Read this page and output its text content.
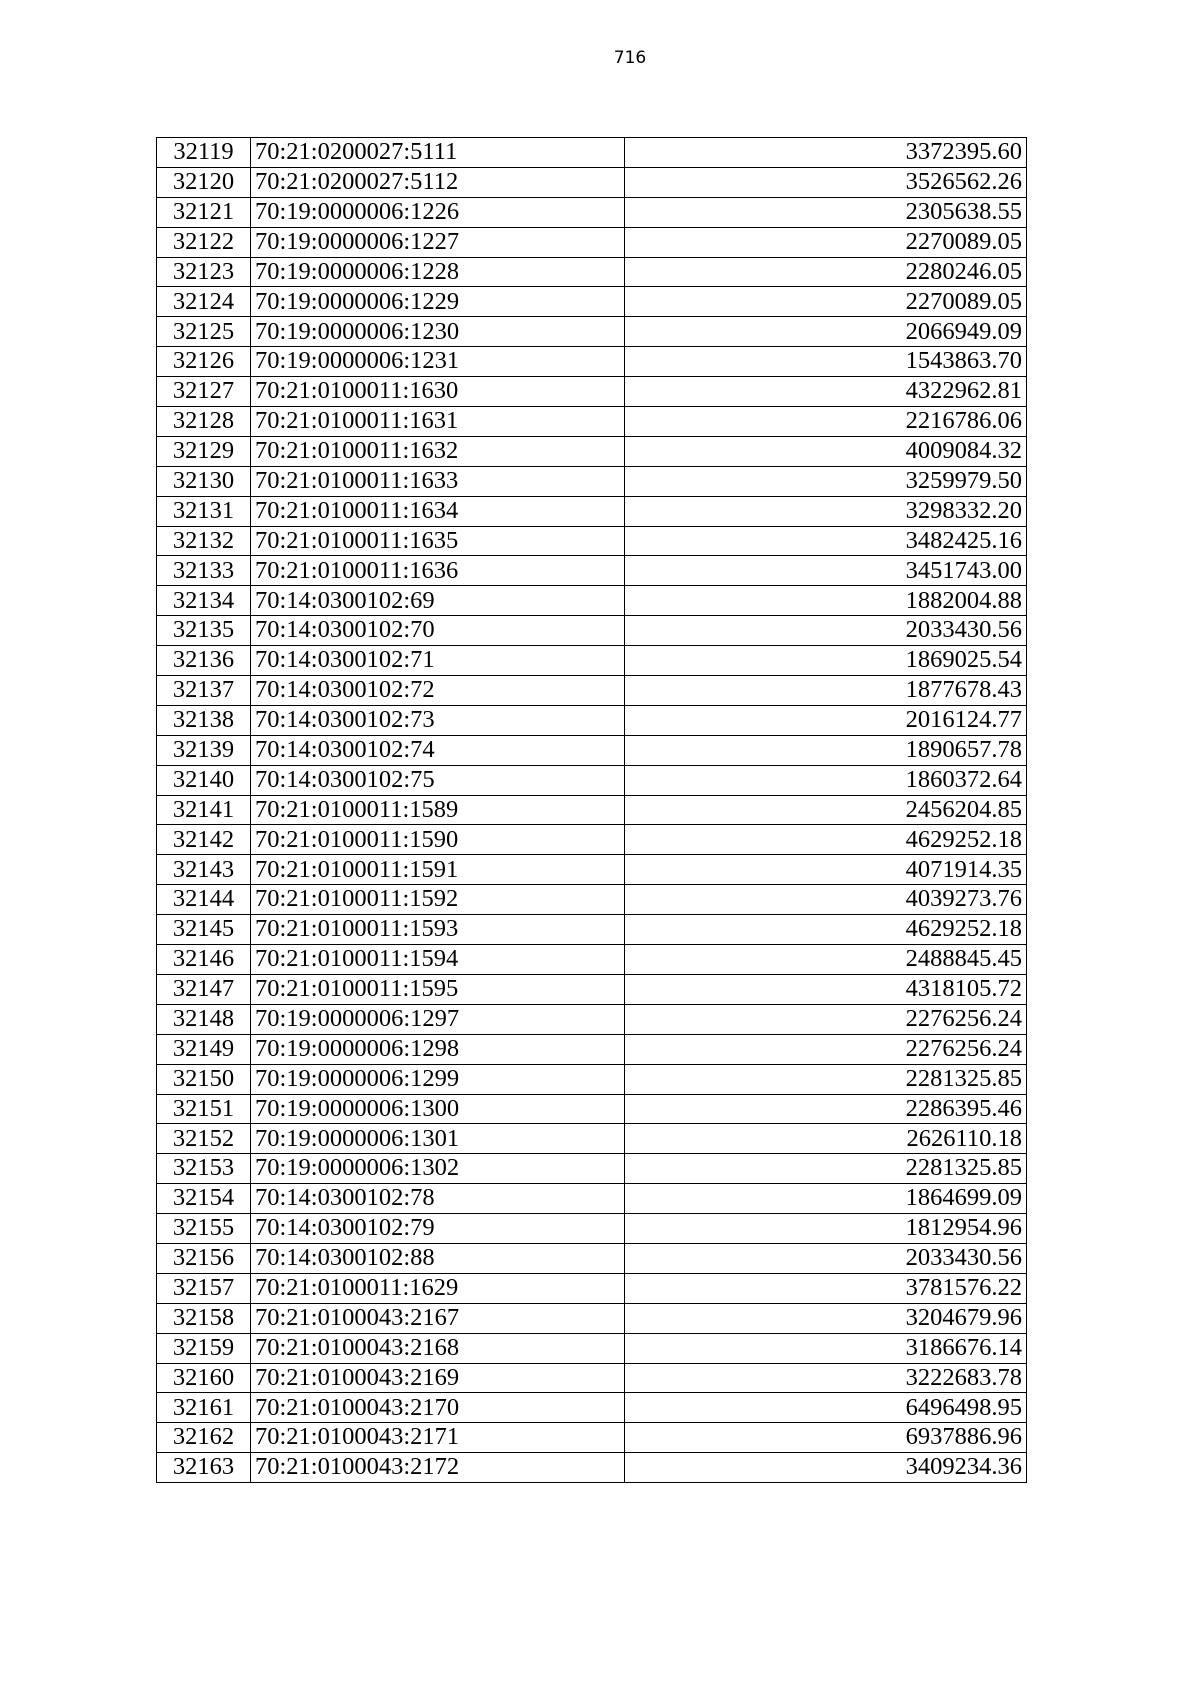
716
32119	70:21:0200027:5111	3372395.60
32120	70:21:0200027:5112	3526562.26
32121	70:19:0000006:1226	2305638.55
32122	70:19:0000006:1227	2270089.05
32123	70:19:0000006:1228	2280246.05
32124	70:19:0000006:1229	2270089.05
32125	70:19:0000006:1230	2066949.09
32126	70:19:0000006:1231	1543863.70
32127	70:21:0100011:1630	4322962.81
32128	70:21:0100011:1631	2216786.06
32129	70:21:0100011:1632	4009084.32
32130	70:21:0100011:1633	3259979.50
32131	70:21:0100011:1634	3298332.20
32132	70:21:0100011:1635	3482425.16
32133	70:21:0100011:1636	3451743.00
32134	70:14:0300102:69	1882004.88
32135	70:14:0300102:70	2033430.56
32136	70:14:0300102:71	1869025.54
32137	70:14:0300102:72	1877678.43
32138	70:14:0300102:73	2016124.77
32139	70:14:0300102:74	1890657.78
32140	70:14:0300102:75	1860372.64
32141	70:21:0100011:1589	2456204.85
32142	70:21:0100011:1590	4629252.18
32143	70:21:0100011:1591	4071914.35
32144	70:21:0100011:1592	4039273.76
32145	70:21:0100011:1593	4629252.18
32146	70:21:0100011:1594	2488845.45
32147	70:21:0100011:1595	4318105.72
32148	70:19:0000006:1297	2276256.24
32149	70:19:0000006:1298	2276256.24
32150	70:19:0000006:1299	2281325.85
32151	70:19:0000006:1300	2286395.46
32152	70:19:0000006:1301	2626110.18
32153	70:19:0000006:1302	2281325.85
32154	70:14:0300102:78	1864699.09
32155	70:14:0300102:79	1812954.96
32156	70:14:0300102:88	2033430.56
32157	70:21:0100011:1629	3781576.22
32158	70:21:0100043:2167	3204679.96
32159	70:21:0100043:2168	3186676.14
32160	70:21:0100043:2169	3222683.78
32161	70:21:0100043:2170	6496498.95
32162	70:21:0100043:2171	6937886.96
32163	70:21:0100043:2172	3409234.36
